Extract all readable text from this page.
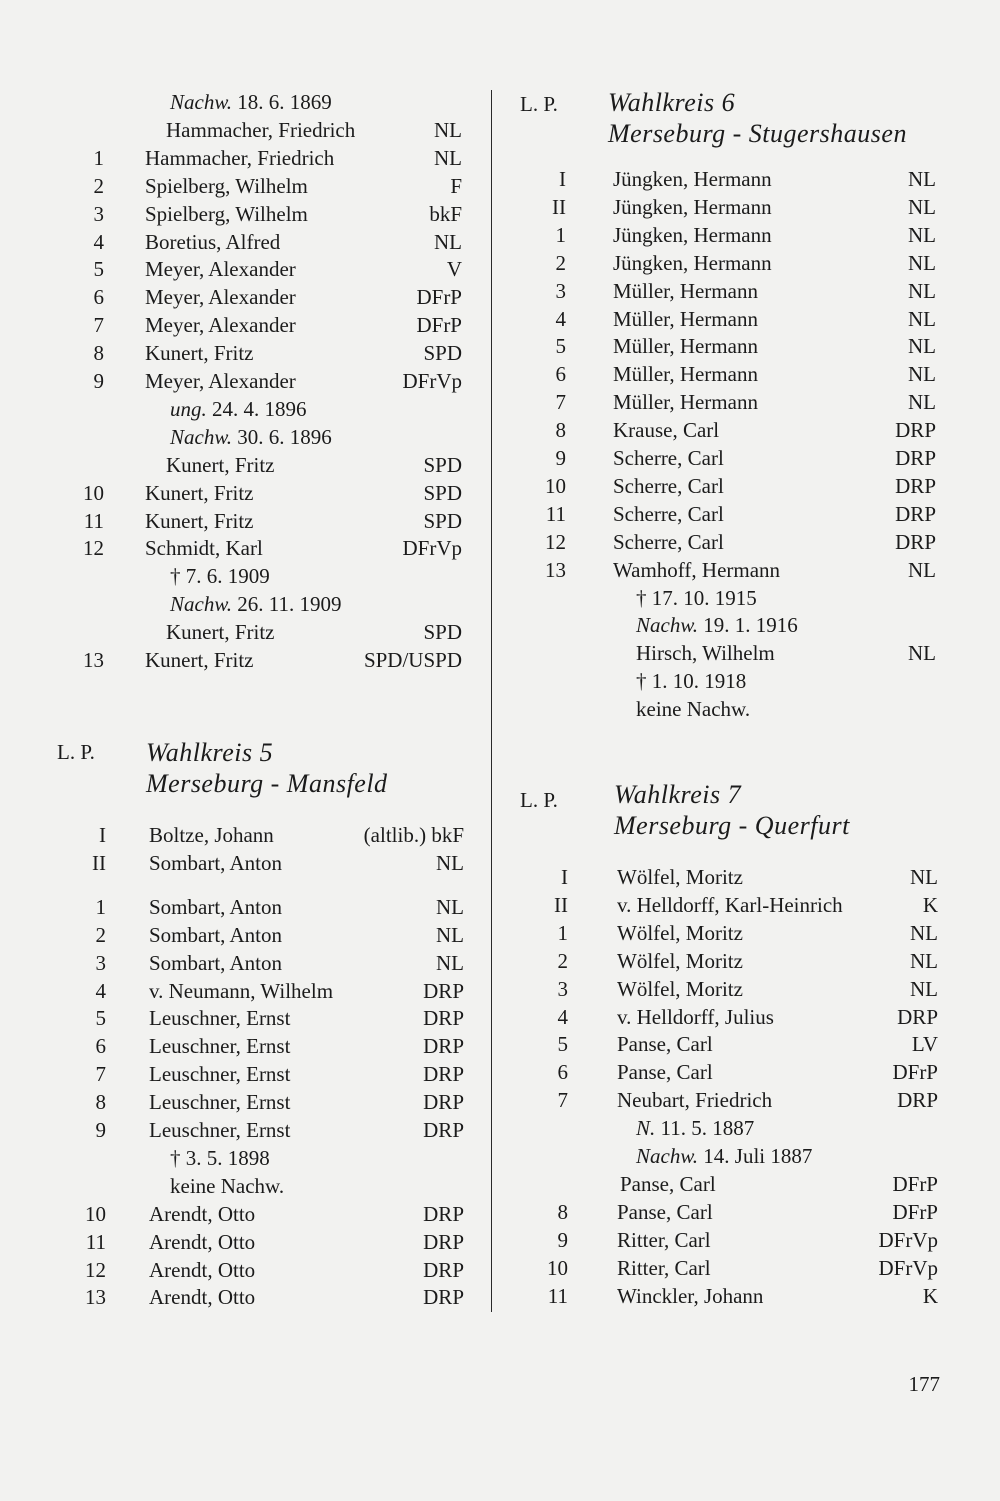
Nachw. 18. 6. 1869
Hammacher, Friedrich	NL
1 Hammacher, Friedrich	NL
2 Spielberg, Wilhelm	F
3 Spielberg, Wilhelm	bkF
4 Boretius, Alfred	NL
5 Meyer, Alexander	V
6 Meyer, Alexander	DFrP
7 Meyer, Alexander	DFrP
8 Kunert, Fritz	SPD
9 Meyer, Alexander	DFrVp
ung. 24. 4. 1896
Nachw. 30. 6. 1896
Kunert, Fritz	SPD
10 Kunert, Fritz	SPD
11 Kunert, Fritz	SPD
12 Schmidt, Karl	DFrVp
† 7. 6. 1909
Nachw. 26. 11. 1909
Kunert, Fritz	SPD
13 Kunert, Fritz	SPD/USPD
L. P. Wahlkreis 5
Merseburg - Mansfeld
I Boltze, Johann	(altlib.) bkF
II Sombart, Anton	NL
1 Sombart, Anton	NL
2 Sombart, Anton	NL
3 Sombart, Anton	NL
4 v. Neumann, Wilhelm	DRP
5 Leuschner, Ernst	DRP
6 Leuschner, Ernst	DRP
7 Leuschner, Ernst	DRP
8 Leuschner, Ernst	DRP
9 Leuschner, Ernst	DRP
† 3. 5. 1898
keine Nachw.
10 Arendt, Otto	DRP
11 Arendt, Otto	DRP
12 Arendt, Otto	DRP
13 Arendt, Otto	DRP
L. P. Wahlkreis 6
Merseburg - Stugershausen
I Jüngken, Hermann	NL
II Jüngken, Hermann	NL
1 Jüngken, Hermann	NL
2 Jüngken, Hermann	NL
3 Müller, Hermann	NL
4 Müller, Hermann	NL
5 Müller, Hermann	NL
6 Müller, Hermann	NL
7 Müller, Hermann	NL
8 Krause, Carl	DRP
9 Scherre, Carl	DRP
10 Scherre, Carl	DRP
11 Scherre, Carl	DRP
12 Scherre, Carl	DRP
13 Wamhoff, Hermann	NL
† 17. 10. 1915
Nachw. 19. 1. 1916
Hirsch, Wilhelm	NL
† 1. 10. 1918
keine Nachw.
L. P. Wahlkreis 7
Merseburg - Querfurt
I Wölfel, Moritz	NL
II v. Helldorff, Karl-Heinrich	K
1 Wölfel, Moritz	NL
2 Wölfel, Moritz	NL
3 Wölfel, Moritz	NL
4 v. Helldorff, Julius	DRP
5 Panse, Carl	LV
6 Panse, Carl	DFrP
7 Neubart, Friedrich	DRP
N. 11. 5. 1887
Nachw. 14. Juli 1887
Panse, Carl	DFrP
8 Panse, Carl	DFrP
9 Ritter, Carl	DFrVp
10 Ritter, Carl	DFrVp
11 Winckler, Johann	K
177
